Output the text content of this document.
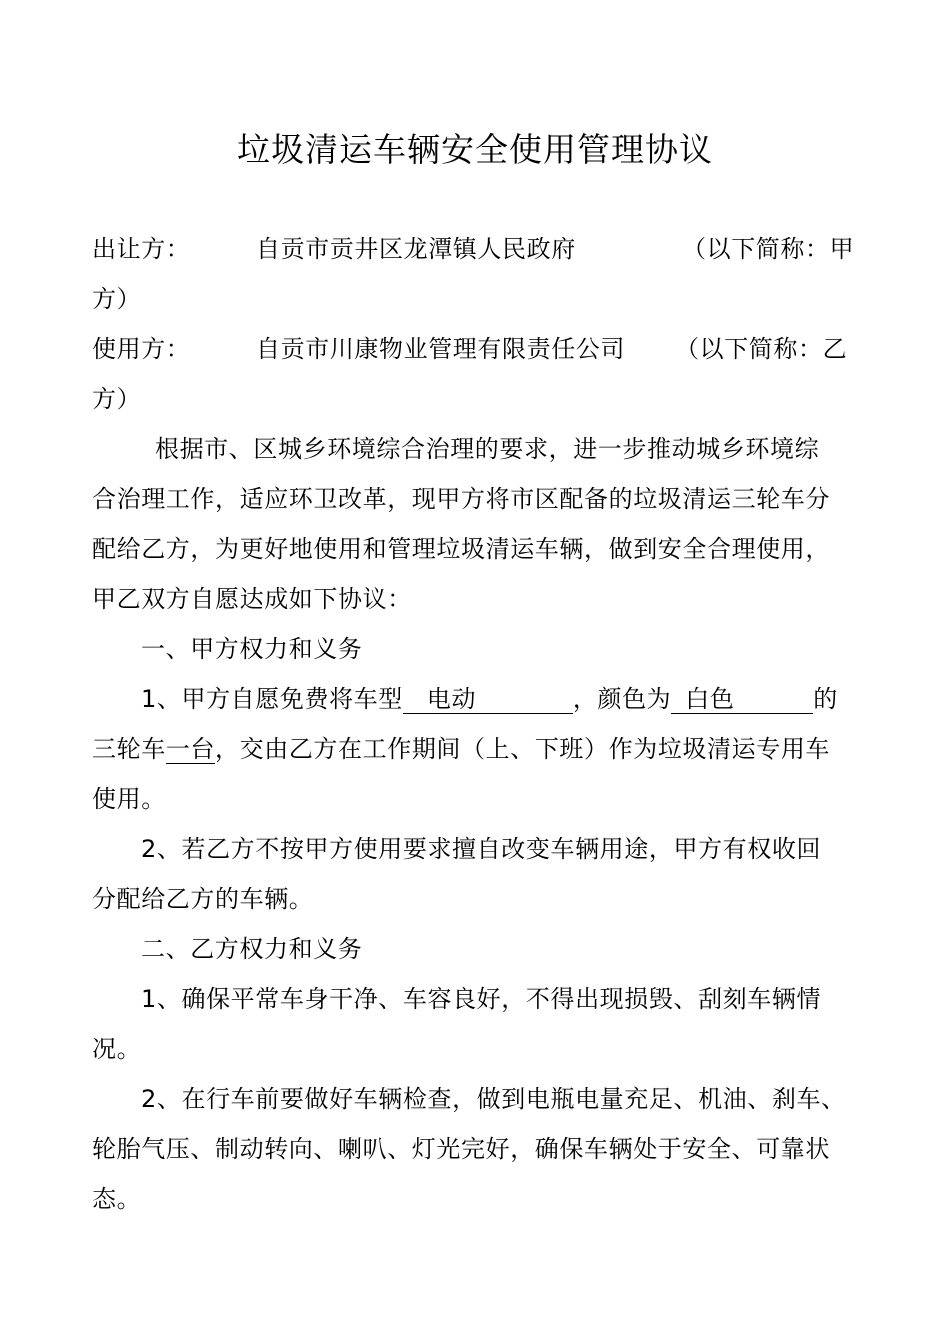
垃圾清运车辆安全使用管理协议
出让方：	自贡市贡井区龙潭镇人民政府	（以下简称：甲
方）
使用方：	自贡市川康物业管理有限责任公司 （以下简称：乙
方）
根据市、区城乡环境综合治理的要求，进一步推动城乡环境综
合治理工作，适应环卫改革，现甲方将市区配备的垃圾清运三轮车分
配给乙方，为更好地使用和管理垃圾清运车辆，做到安全合理使用，
甲乙双方自愿达成如下协议：
一、甲方权力和义务
1、甲方自愿免费将车型 电动	，颜色为 白色	的
三轮车一台，交由乙方在工作期间（上、下班）作为垃圾清运专用车
使用。
2、若乙方不按甲方使用要求擅自改变车辆用途，甲方有权收回
分配给乙方的车辆。
二、乙方权力和义务
1、确保平常车身干净、车容良好，不得出现损毁、刮刻车辆情
况。
2、在行车前要做好车辆检查，做到电瓶电量充足、机油、刹车、
轮胎气压、制动转向、喇叭、灯光完好，确保车辆处于安全、可靠状
态。
